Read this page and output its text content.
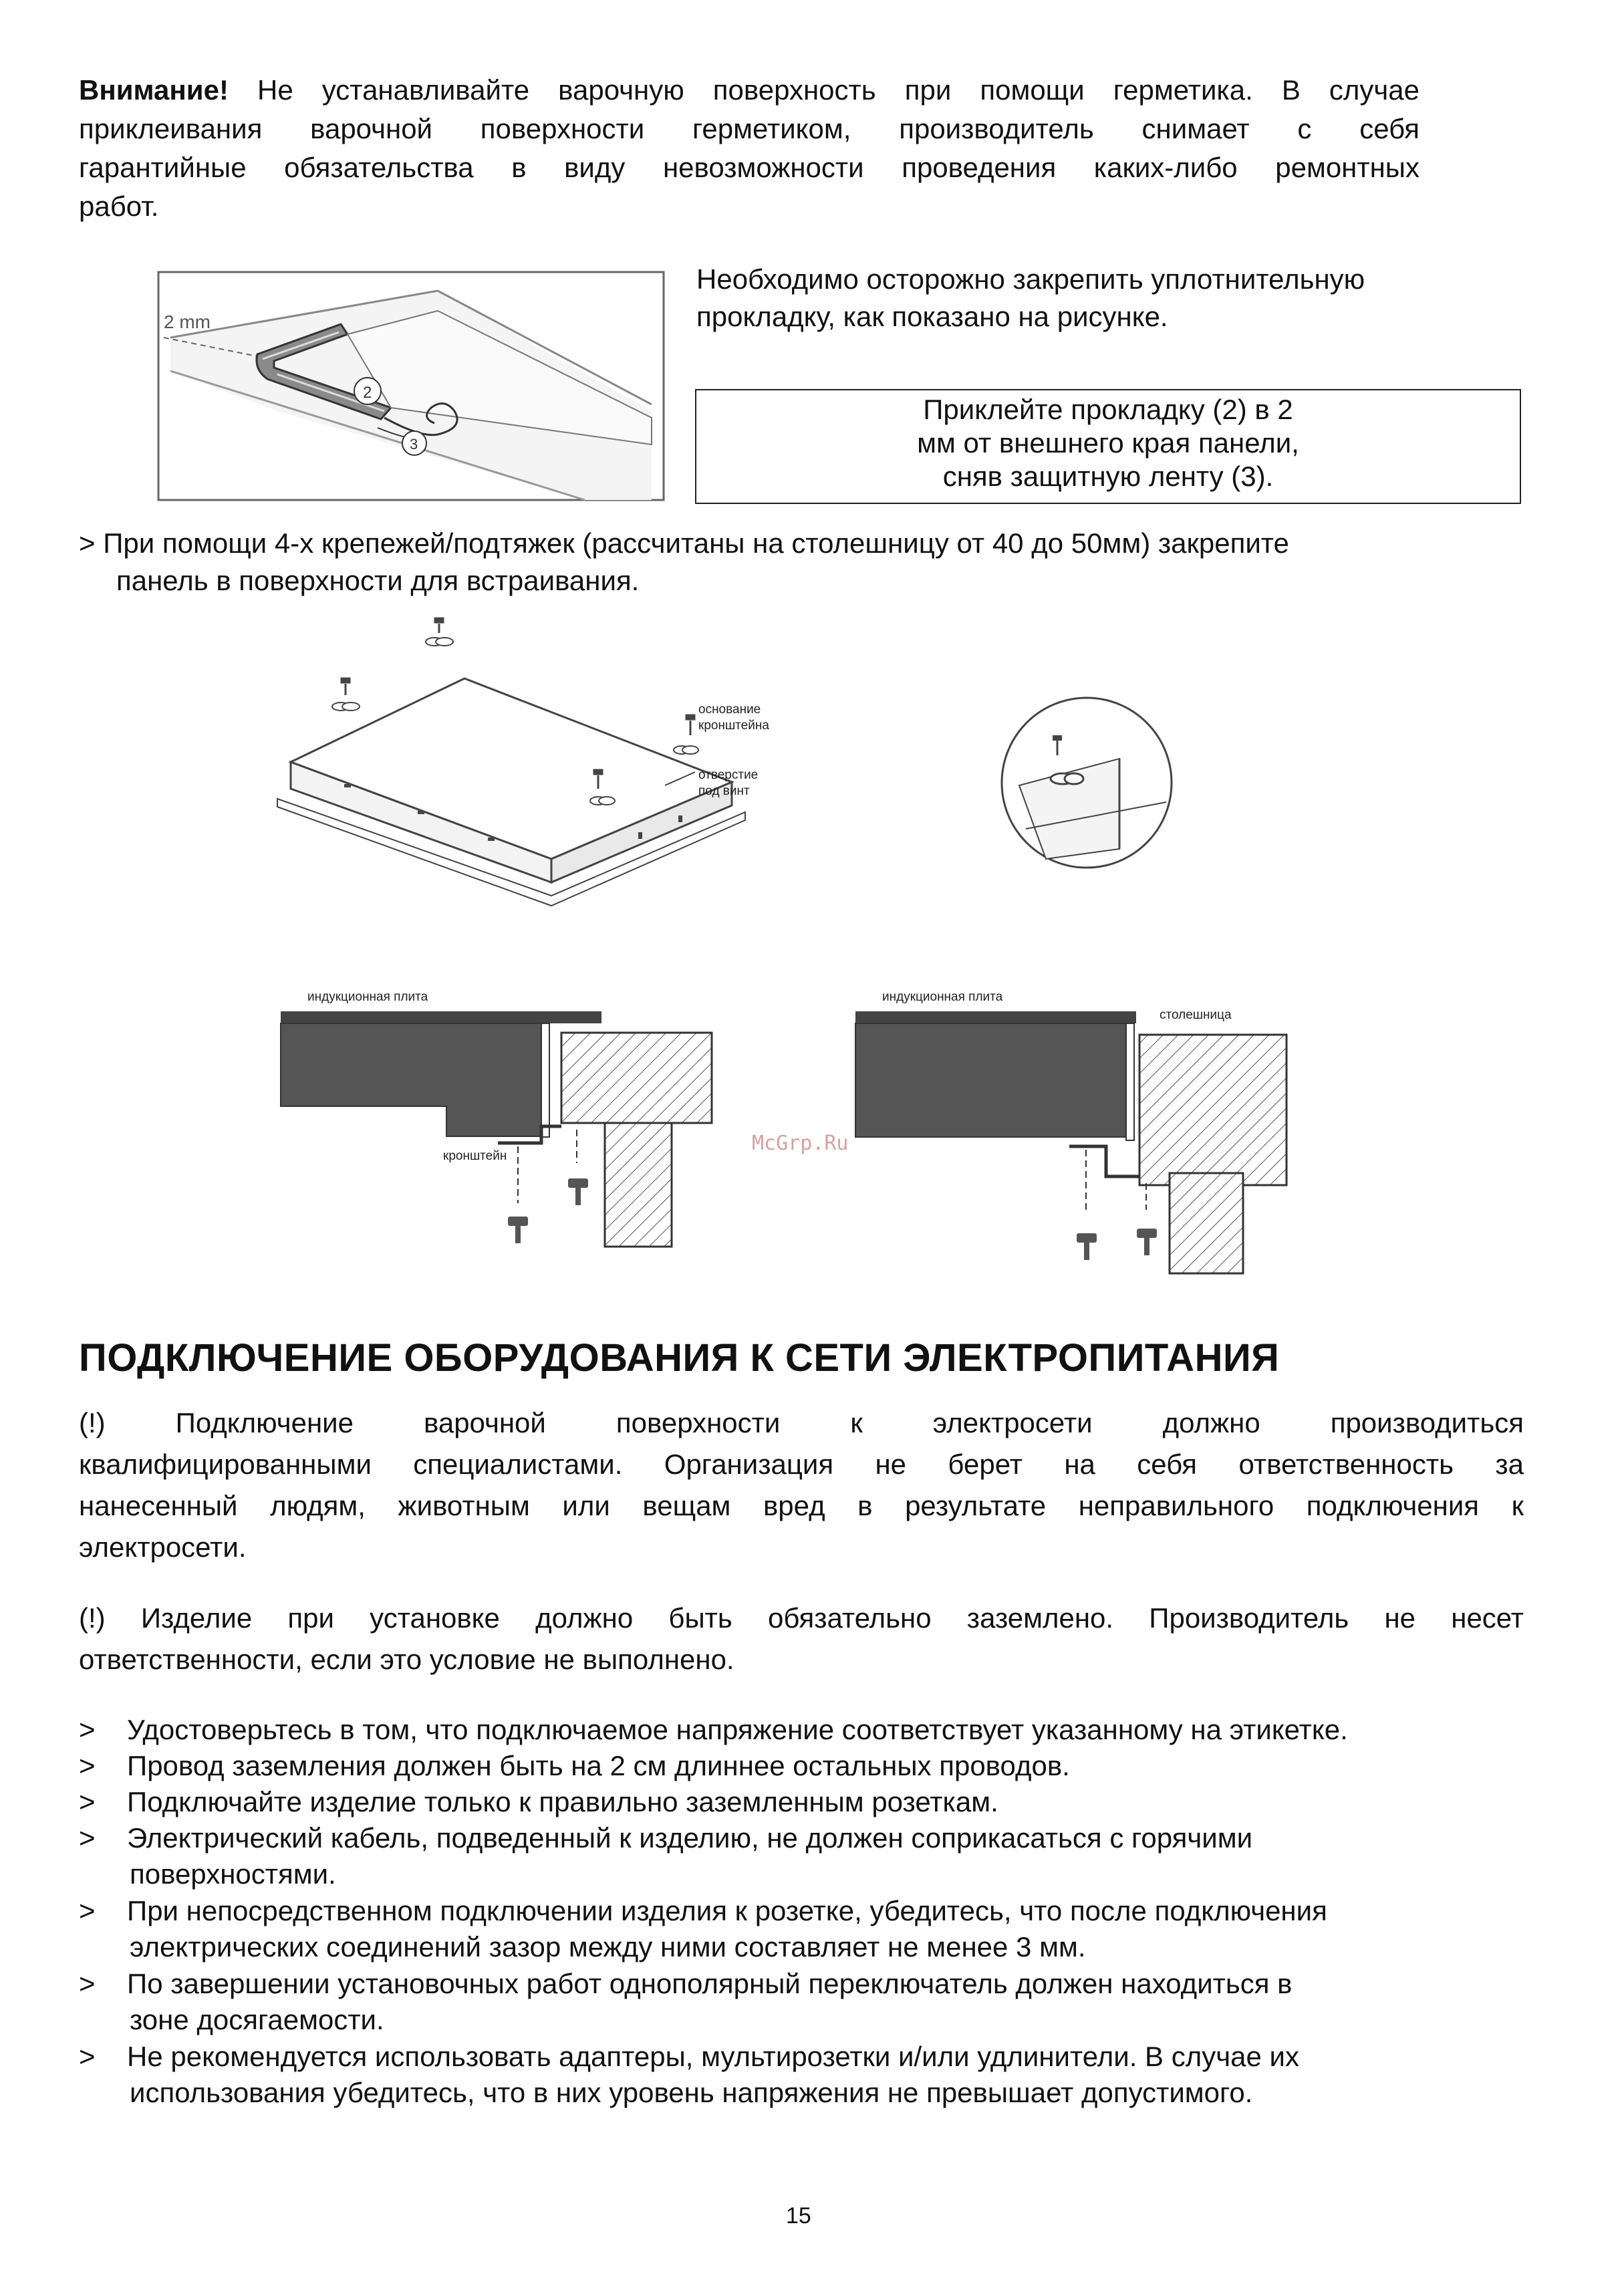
Внимание! Не устанавливайте варочную поверхность при помощи герметика. В случае
приклеивания варочной поверхности герметиком, производитель снимает с себя
гарантийные обязательства в виду невозможности проведения каких-либо ремонтных
работ.
2 mm
2
3
Необходимо осторожно закрепить уплотнительную
прокладку, как показано на рисунке.
Приклейте прокладку (2) в 2
мм от внешнего края панели,
сняв защитную ленту (3).
> При помощи 4-х крепежей/подтяжек (рассчитаны на столешницу от 40 до 50мм) закрепите
панель в поверхности для встраивания.
основание
кронштейна
отверстие
под винт
индукционная плита
кронштейн
McGrp.Ru
индукционная плита
столешница
ПОДКЛЮЧЕНИЕ ОБОРУДОВАНИЯ К СЕТИ ЭЛЕКТРОПИТАНИЯ
(!) Подключение варочной поверхности к электросети должно производиться
квалифицированными специалистами. Организация не берет на себя ответственность за
нанесенный людям, животным или вещам вред в результате неправильного подключения к
электросети.
(!) Изделие при установке должно быть обязательно заземлено. Производитель не несет
ответственности, если это условие не выполнено.
>	Удостоверьтесь в том, что подключаемое напряжение соответствует указанному на этикетке.
>	Провод заземления должен быть на 2 см длиннее остальных проводов.
>	Подключайте изделие только к правильно заземленным розеткам.
>	Электрический кабель, подведенный к изделию, не должен соприкасаться с горячими
поверхностями.
>	При непосредственном подключении изделия к розетке, убедитесь, что после подключения
электрических соединений зазор между ними составляет не менее 3 мм.
>	По завершении установочных работ однополярный переключатель должен находиться в
зоне досягаемости.
>	Не рекомендуется использовать адаптеры, мультирозетки и/или удлинители. В случае их
использования убедитесь, что в них уровень напряжения не превышает допустимого.
15
